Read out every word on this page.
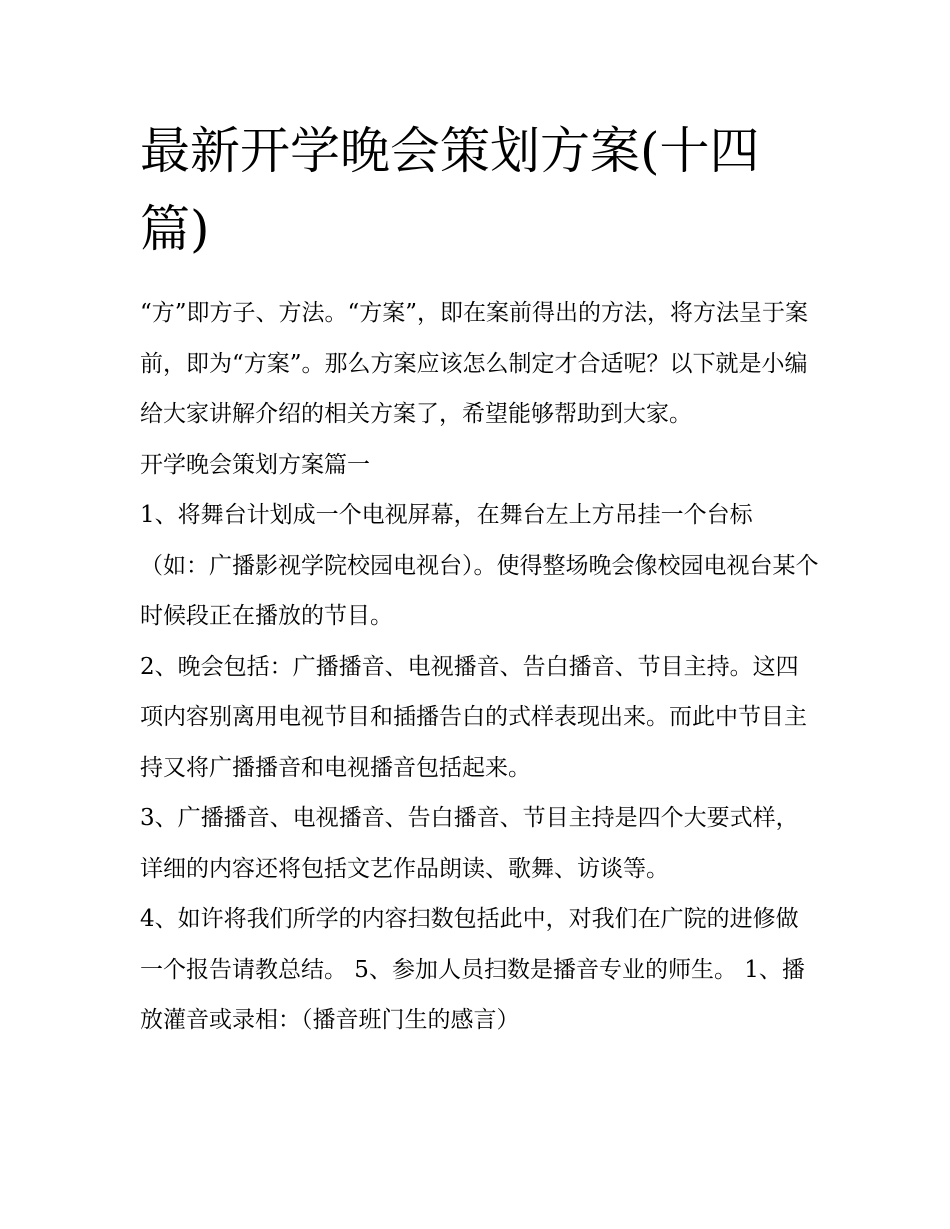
最新开学晚会策划方案(十四篇)

“方”即方子、方法。“方案”，即在案前得出的方法，将方法呈于案前，即为“方案”。那么方案应该怎么制定才合适呢？以下就是小编给大家讲解介绍的相关方案了，希望能够帮助到大家。

开学晚会策划方案篇一

1、将舞台计划成一个电视屏幕，在舞台左上方吊挂一个台标（如：广播影视学院校园电视台）。使得整场晚会像校园电视台某个时候段正在播放的节目。

2、晚会包括：广播播音、电视播音、告白播音、节目主持。这四项内容别离用电视节目和插播告白的式样表现出来。而此中节目主持又将广播播音和电视播音包括起来。

3、广播播音、电视播音、告白播音、节目主持是四个大要式样，详细的内容还将包括文艺作品朗读、歌舞、访谈等。

4、如许将我们所学的内容扫数包括此中，对我们在广院的进修做一个报告请教总结。 5、参加人员扫数是播音专业的师生。 1、播放灌音或录相：（播音班门生的感言）
